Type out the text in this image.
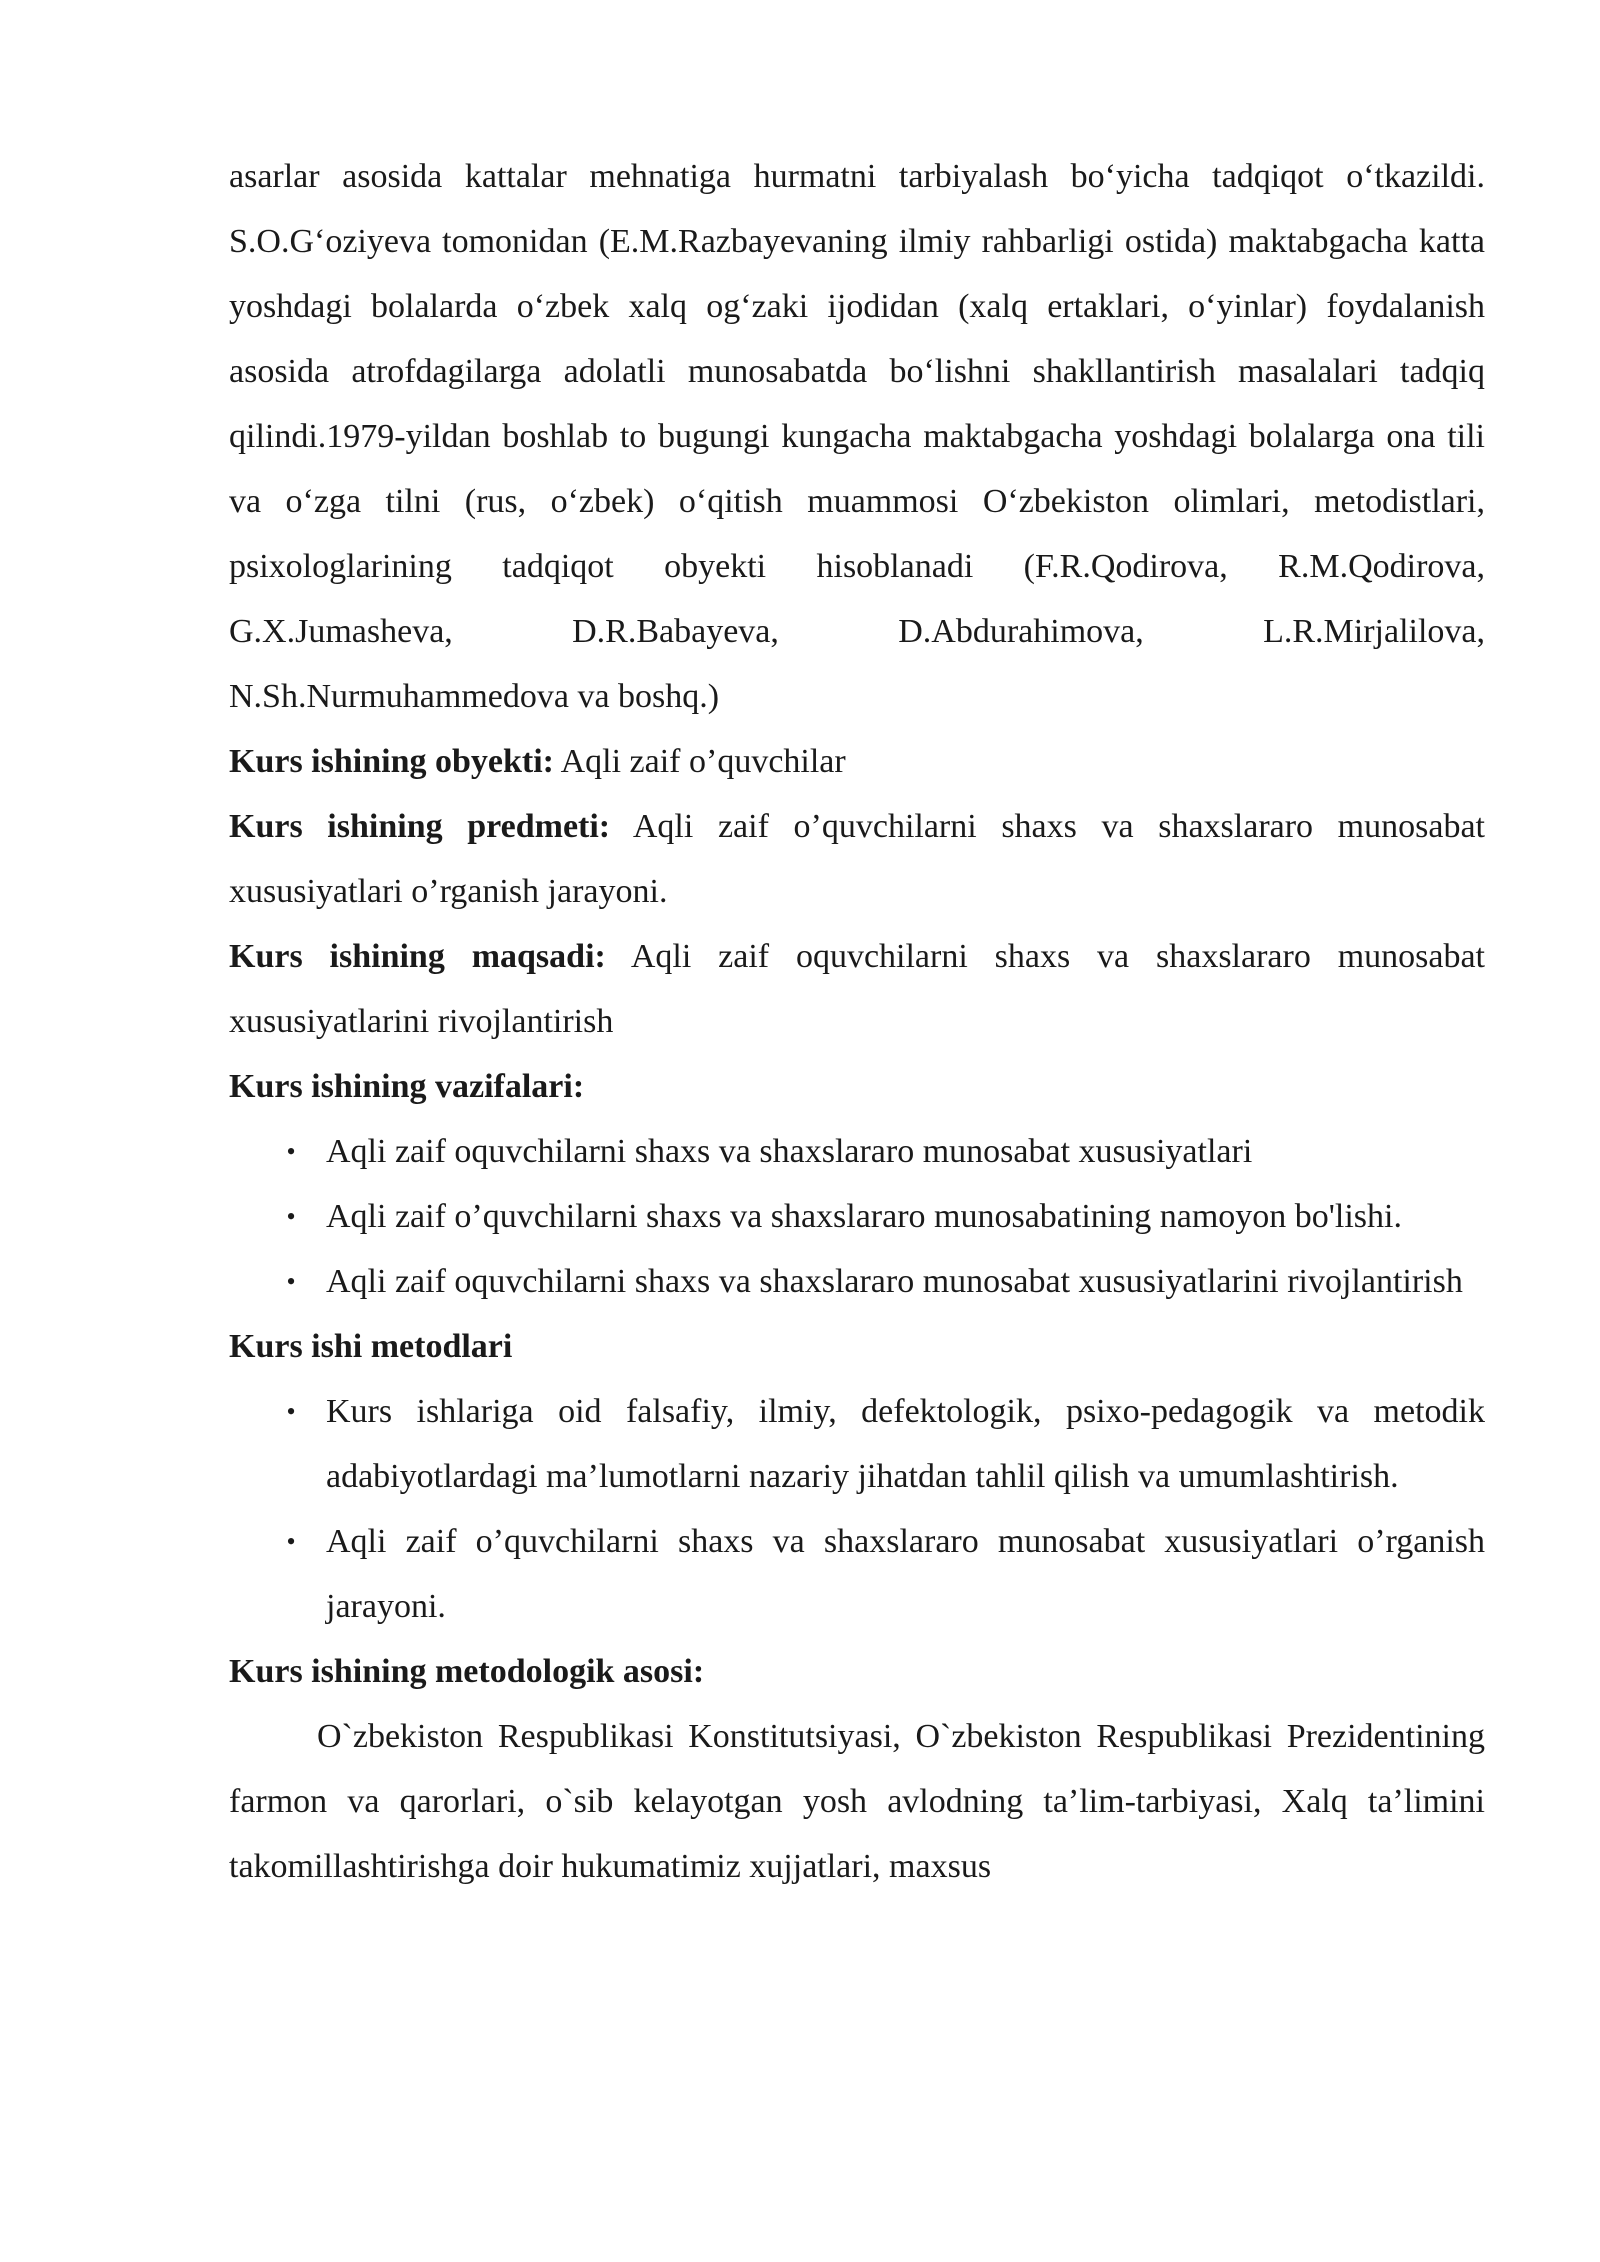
asarlar asosida kattalar mehnatiga hurmatni tarbiyalash bo‘yicha tadqiqot o‘tkazildi. S.O.G‘oziyeva tomonidan (E.M.Razbayevaning ilmiy rahbarligi ostida) maktabgacha katta yoshdagi bolalarda o‘zbek xalq og‘zaki ijodidan (xalq ertaklari, o‘yinlar) foydalanish asosida atrofdagilarga adolatli munosabatda bo‘lishni shakllantirish masalalari tadqiq qilindi.1979-yildan boshlab to bugungi kungacha maktabgacha yoshdagi bolalarga ona tili va o‘zga tilni (rus, o‘zbek) o‘qitish muammosi O‘zbekiston olimlari, metodistlari, psixologlarining tadqiqot obyekti hisoblanadi (F.R.Qodirova, R.M.Qodirova, G.X.Jumasheva, D.R.Babayeva, D.Abdurahimova, L.R.Mirjalilova, N.Sh.Nurmuhammedova va boshq.)

Kurs ishining obyekti: Aqli zaif o’quvchilar

Kurs ishining predmeti: Aqli zaif o’quvchilarni shaxs va shaxslararo munosabat xususiyatlari o’rganish jarayoni.

Kurs ishining maqsadi: Aqli zaif oquvchilarni shaxs va shaxslararo munosabat xususiyatlarini rivojlantirish

Kurs ishining vazifalari:

• Aqli zaif oquvchilarni shaxs va shaxslararo munosabat xususiyatlari
• Aqli zaif o’quvchilarni shaxs va shaxslararo munosabatining namoyon bo'lishi.
• Aqli zaif oquvchilarni shaxs va shaxslararo munosabat xususiyatlarini rivojlantirish

Kurs ishi metodlari

• Kurs ishlariga oid falsafiy, ilmiy, defektologik, psixo-pedagogik va metodik adabiyotlardagi ma’lumotlarni nazariy jihatdan tahlil qilish va umumlashtirish.
• Aqli zaif o’quvchilarni shaxs va shaxslararo munosabat xususiyatlari o’rganish jarayoni.

Kurs ishining metodologik asosi:

O`zbekiston Respublikasi Konstitutsiyasi, O`zbekiston Respublikasi Prezidentining farmon va qarorlari, o`sib kelayotgan yosh avlodning ta’lim-tarbiyasi, Xalq ta’limini takomillashtirishga doir hukumatimiz xujjatlari, maxsus
